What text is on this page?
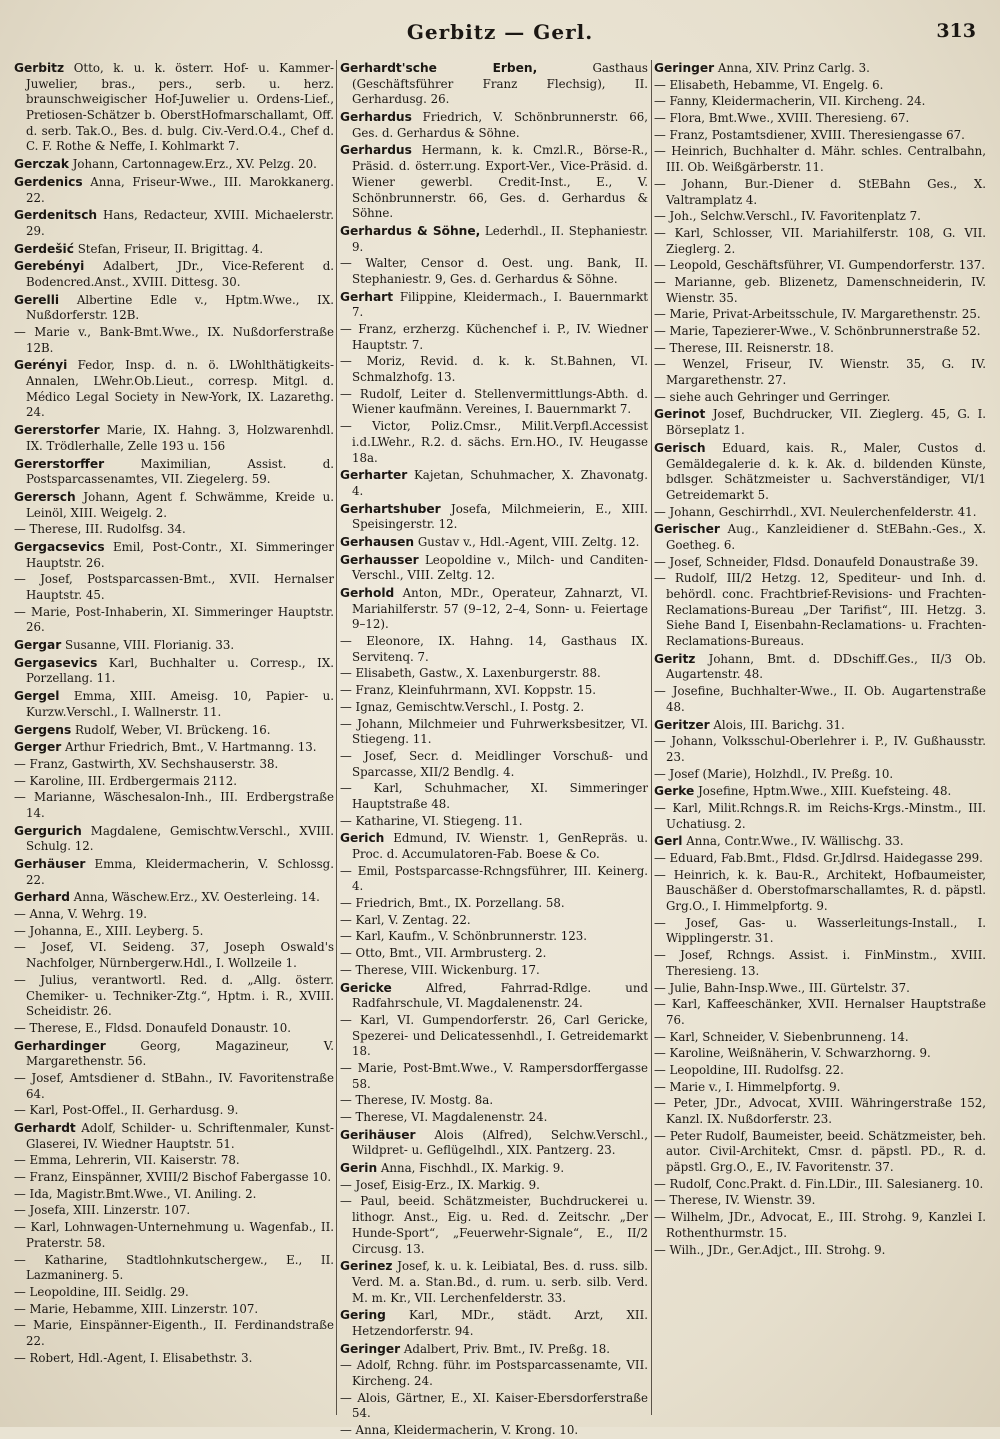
Gerbitz — Gerl.	313
Gerbitz Otto, k. u. k. österr. Hof- u. Kammer-Juwelier, bras., pers., serb. u. herz. braunschweigischer Hof-Juwelier u. Ordens-Lief., Pretiosen-Schätzer b. OberstHofmarschallamt, Off. d. serb. Tak.O., Bes. d. bulg. Civ.-Verd.O.4., Chef d. C. F. Rothe & Neffe, I. Kohlmarkt 7.
Gerczak Johann, Cartonnagew.Erz., XV. Pelzg. 20.
Gerdenics Anna, Friseur-Wwe., III. Marokkanerg. 22.
Gerdenitsch Hans, Redacteur, XVIII. Michaelerstr. 29.
Gerdešić Stefan, Friseur, II. Brigittag. 4.
Gerebényi Adalbert, JDr., Vice-Referent d. Bodencred.Anst., XVIII. Dittesg. 30.
Gerelli Albertine Edle v., Hptm.Wwe., IX. Nußdorferstr. 12B.
— Marie v., Bank-Bmt.Wwe., IX. Nußdorferstraße 12B.
Gerényi Fedor, Insp. d. n. ö. LWohlthätigkeits-Annalen, LWehr.Ob.Lieut., corresp. Mitgl. d. Médico Legal Society in New-York, IX. Lazarethg. 24.
Gererstorfer Marie, IX. Hahng. 3, Holzwarenhdl. IX. Trödlerhalle, Zelle 193 u. 156
Gererstorffer	Maximilian, Assist. d. Postsparcassenamtes, VII. Ziegelerg. 59.
Gerersch Johann, Agent f. Schwämme, Kreide u. Leinöl, XIII. Weigelg. 2.
— Therese, III. Rudolfsg. 34.
Gergacsevics Emil, Post-Contr., XI. Simmeringer Hauptstr. 26.
— Josef, Postsparcassen-Bmt., XVII. Hernalser Hauptstr. 45.
— Marie, Post-Inhaberin, XI. Simmeringer Hauptstr. 26.
Gergar Susanne, VIII. Florianig. 33.
Gergasevics Karl, Buchhalter u. Corresp., IX. Porzellang. 11.
Gergel Emma, XIII. Ameisg. 10, Papier- u. Kurzw.Verschl., I. Wallnerstr. 11.
Gergens Rudolf, Weber, VI. Brückeng. 16.
Gerger Arthur Friedrich, Bmt., V. Hartmanng. 13.
— Franz, Gastwirth, XV. Sechshauserstr. 38.
— Karoline, III. Erdbergermais 2112.
— Marianne, Wäschesalon-Inh., III. Erdbergstraße 14.
Gergurich Magdalene, Gemischtw.Verschl., XVIII. Schulg. 12.
Gerhäuser Emma, Kleidermacherin, V. Schlossg. 22.
Gerhard Anna, Wäschew.Erz., XV. Oesterleing. 14.
— Anna, V. Wehrg. 19.
— Johanna, E., XIII. Leyberg. 5.
— Josef, VI. Seideng. 37, Joseph Oswald's Nachfolger, Nürnbergerw.Hdl., I. Wollzeile 1.
— Julius, verantwortl. Red. d. „Allg. österr. Chemiker- u. Techniker-Ztg.“, Hptm. i. R., XVIII. Scheidistr. 26.
— Therese, E., Fldsd. Donaufeld Donaustr. 10.
Gerhardinger	Georg, Magazineur, V. Margarethenstr. 56.
— Josef, Amtsdiener d. StBahn., IV. Favoritenstraße 64.
— Karl, Post-Offel., II. Gerhardusg. 9.
Gerhardt Adolf, Schilder- u. Schriftenmaler, Kunst-Glaserei, IV. Wiedner Hauptstr. 51.
— Emma, Lehrerin, VII. Kaiserstr. 78.
— Franz, Einspänner, XVIII/2 Bischof Fabergasse 10.
— Ida, Magistr.Bmt.Wwe., VI. Aniling. 2.
— Josefa, XIII. Linzerstr. 107.
— Karl, Lohnwagen-Unternehmung u. Wagenfab., II. Praterstr. 58.
— Katharine, Stadtlohnkutschergew., E., II. Lazmaninerg. 5.
— Leopoldine, III. Seidlg. 29.
— Marie, Hebamme, XIII. Linzerstr. 107.
— Marie, Einspänner-Eigenth., II. Ferdinandstraße 22.
— Robert, Hdl.-Agent, I. Elisabethstr. 3.
Gerhardt'sche Erben,	Gasthaus (Geschäftsführer Franz Flechsig), II. Gerhardusg. 26.
Gerhardus Friedrich, V. Schönbrunnerstr. 66, Ges. d. Gerhardus & Söhne.
Gerhardus Hermann, k. k. Cmzl.R., Börse-R., Präsid. d. österr.ung. Export-Ver., Vice-Präsid. d. Wiener gewerbl. Credit-Inst., E., V. Schönbrunnerstr. 66, Ges. d. Gerhardus & Söhne.
Gerhardus & Söhne, Lederhdl., II. Stephaniestr. 9.
— Walter, Censor d. Oest. ung. Bank, II. Stephaniestr. 9, Ges. d. Gerhardus & Söhne.
Gerhart Filippine, Kleidermach., I. Bauernmarkt 7.
— Franz, erzherzg. Küchenchef i. P., IV. Wiedner Hauptstr. 7.
— Moriz, Revid. d. k. k. St.Bahnen, VI. Schmalzhofg. 13.
— Rudolf, Leiter d. Stellenvermittlungs-Abth. d. Wiener kaufmänn. Vereines, I. Bauernmarkt 7.
— Victor, Poliz.Cmsr., Milit.Verpfl.Accessist i.d.LWehr., R.2. d. sächs. Ern.HO., IV. Heugasse 18a.
Gerharter Kajetan, Schuhmacher, X. Zhavonatg. 4.
Gerhartshuber Josefa, Milchmeierin, E., XIII. Speisingerstr. 12.
Gerhausen Gustav v., Hdl.-Agent, VIII. Zeltg. 12.
Gerhausser Leopoldine v., Milch- und Canditen-Verschl., VIII. Zeltg. 12.
Gerhold Anton, MDr., Operateur, Zahnarzt, VI. Mariahilferstr. 57 (9–12, 2–4, Sonn- u. Feiertage 9–12).
— Eleonore, IX. Hahng. 14, Gasthaus IX. Servitenq. 7.
— Elisabeth, Gastw., X. Laxenburgerstr. 88.
— Franz, Kleinfuhrmann, XVI. Koppstr. 15.
— Ignaz, Gemischtw.Verschl., I. Postg. 2.
— Johann, Milchmeier und Fuhrwerksbesitzer, VI. Stiegeng. 11.
— Josef, Secr. d. Meidlinger Vorschuß- und Sparcasse, XII/2 Bendlg. 4.
— Karl, Schuhmacher, XI. Simmeringer Hauptstraße 48.
— Katharine, VI. Stiegeng. 11.
Gerich Edmund, IV. Wienstr. 1, GenRepräs. u. Proc. d. Accumulatoren-Fab. Boese & Co.
— Emil, Postsparcasse-Rchngsführer, III. Keinerg. 4.
— Friedrich, Bmt., IX. Porzellang. 58.
— Karl, V. Zentag. 22.
— Karl, Kaufm., V. Schönbrunnerstr. 123.
— Otto, Bmt., VII. Armbrusterg. 2.
— Therese, VIII. Wickenburg. 17.
Gericke	Alfred, Fahrrad-Rdlge. und Radfahrschule, VI. Magdalenenstr. 24.
— Karl, VI. Gumpendorferstr. 26, Carl Gericke, Spezerei- und Delicatessenhdl., I. Getreidemarkt 18.
— Marie, Post-Bmt.Wwe., V. Rampersdorffergasse 58.
— Therese, IV. Mostg. 8a.
— Therese, VI. Magdalenenstr. 24.
Gerihäuser Alois (Alfred), Selchw.Verschl., Wildpret- u. Geflügelhdl., XIX. Pantzerg. 23.
Gerin Anna, Fischhdl., IX. Markig. 9.
— Josef, Eisig-Erz., IX. Markig. 9.
— Paul, beeid. Schätzmeister, Buchdruckerei u. lithogr. Anst., Eig. u. Red. d. Zeitschr. „Der Hunde-Sport“, „Feuerwehr-Signale“, E., II/2 Circusg. 13.
Gerinez Josef, k. u. k. Leibiatal, Bes. d. russ. silb. Verd. M. a. Stan.Bd., d. rum. u. serb. silb. Verd. M. m. Kr., VII. Lerchenfelderstr. 33.
Gering Karl, MDr., städt. Arzt, XII. Hetzendorferstr. 94.
Geringer Adalbert, Priv. Bmt., IV. Preßg. 18.
— Adolf, Rchng. führ. im Postsparcassenamte, VII. Kircheng. 24.
— Alois, Gärtner, E., XI. Kaiser-Ebersdorferstraße 54.
— Anna, Kleidermacherin, V. Krong. 10.
Geringer Anna, XIV. Prinz Carlg. 3.
— Elisabeth, Hebamme, VI. Engelg. 6.
— Fanny, Kleidermacherin, VII. Kircheng. 24.
— Flora, Bmt.Wwe., XVIII. Theresieng. 67.
— Franz, Postamtsdiener, XVIII. Theresiengasse 67.
— Heinrich, Buchhalter d. Mähr. schles. Centralbahn, III. Ob. Weißgärberstr. 11.
— Johann, Bur.-Diener d. StEBahn Ges., X. Valtramplatz 4.
— Joh., Selchw.Verschl., IV. Favoritenplatz 7.
— Karl, Schlosser, VII. Mariahilferstr. 108, G. VII. Zieglerg. 2.
— Leopold, Geschäftsführer, VI. Gumpendorferstr. 137.
— Marianne, geb. Blizenetz, Damenschneiderin, IV. Wienstr. 35.
— Marie, Privat-Arbeitsschule, IV. Margarethenstr. 25.
— Marie, Tapezierer-Wwe., V. Schönbrunnerstraße 52.
— Therese, III. Reisnerstr. 18.
— Wenzel, Friseur, IV. Wienstr. 35, G. IV. Margarethenstr. 27.
— siehe auch Gehringer und Gerringer.
Gerinot Josef, Buchdrucker, VII. Zieglerg. 45, G. I. Börseplatz 1.
Gerisch Eduard, kais. R., Maler, Custos d. Gemäldegalerie d. k. k. Ak. d. bildenden Künste, bdlsger. Schätzmeister u. Sachverständiger, VI/1 Getreidemarkt 5.
— Johann, Geschirrhdl., XVI. Neulerchenfelderstr. 41.
Gerischer Aug., Kanzleidiener d. StEBahn.-Ges., X. Goetheg. 6.
— Josef, Schneider, Fldsd. Donaufeld Donaustraße 39.
— Rudolf, III/2 Hetzg. 12, Spediteur- und Inh. d. behördl. conc. Frachtbrief-Revisions- und Frachten-Reclamations-Bureau „Der Tarifist“, III. Hetzg. 3. Siehe Band I, Eisenbahn-Reclamations- u. Frachten-Reclamations-Bureaus.
Geritz Johann, Bmt. d. DDschiff.Ges., II/3 Ob. Augartenstr. 48.
— Josefine, Buchhalter-Wwe., II. Ob. Augartenstraße 48.
Geritzer Alois, III. Barichg. 31.
— Johann, Volksschul-Oberlehrer i. P., IV. Gußhausstr. 23.
— Josef (Marie), Holzhdl., IV. Preßg. 10.
Gerke Josefine, Hptm.Wwe., XIII. Kuefsteing. 48.
— Karl, Milit.Rchngs.R. im Reichs-Krgs.-Minstm., III. Uchatiusg. 2.
Gerl Anna, Contr.Wwe., IV. Wällischg. 33.
— Eduard, Fab.Bmt., Fldsd. Gr.Jdlrsd. Haidegasse 299.
— Heinrich, k. k. Bau-R., Architekt, Hofbaumeister, Bauschäßer d. Oberstofmarschallamtes, R. d. päpstl. Grg.O., I. Himmelpfortg. 9.
— Josef, Gas- u. Wasserleitungs-Install., I. Wipplingerstr. 31.
— Josef, Rchngs. Assist. i. FinMinstm., XVIII. Theresieng. 13.
— Julie, Bahn-Insp.Wwe., III. Gürtelstr. 37.
— Karl, Kaffeeschänker, XVII. Hernalser Hauptstraße 76.
— Karl, Schneider, V. Siebenbrunneng. 14.
— Karoline, Weißnäherin, V. Schwarzhorng. 9.
— Leopoldine, III. Rudolfsg. 22.
— Marie v., I. Himmelpfortg. 9.
— Peter, JDr., Advocat, XVIII. Währingerstraße 152, Kanzl. IX. Nußdorferstr. 23.
— Peter Rudolf, Baumeister, beeid. Schätzmeister, beh. autor. Civil-Architekt, Cmsr. d. päpstl. PD., R. d. päpstl. Grg.O., E., IV. Favoritenstr. 37.
— Rudolf, Conc.Prakt. d. Fin.LDir., III. Salesianerg. 10.
— Therese, IV. Wienstr. 39.
— Wilhelm, JDr., Advocat, E., III. Strohg. 9, Kanzlei I. Rothenthurmstr. 15.
— Wilh., JDr., Ger.Adjct., III. Strohg. 9.
